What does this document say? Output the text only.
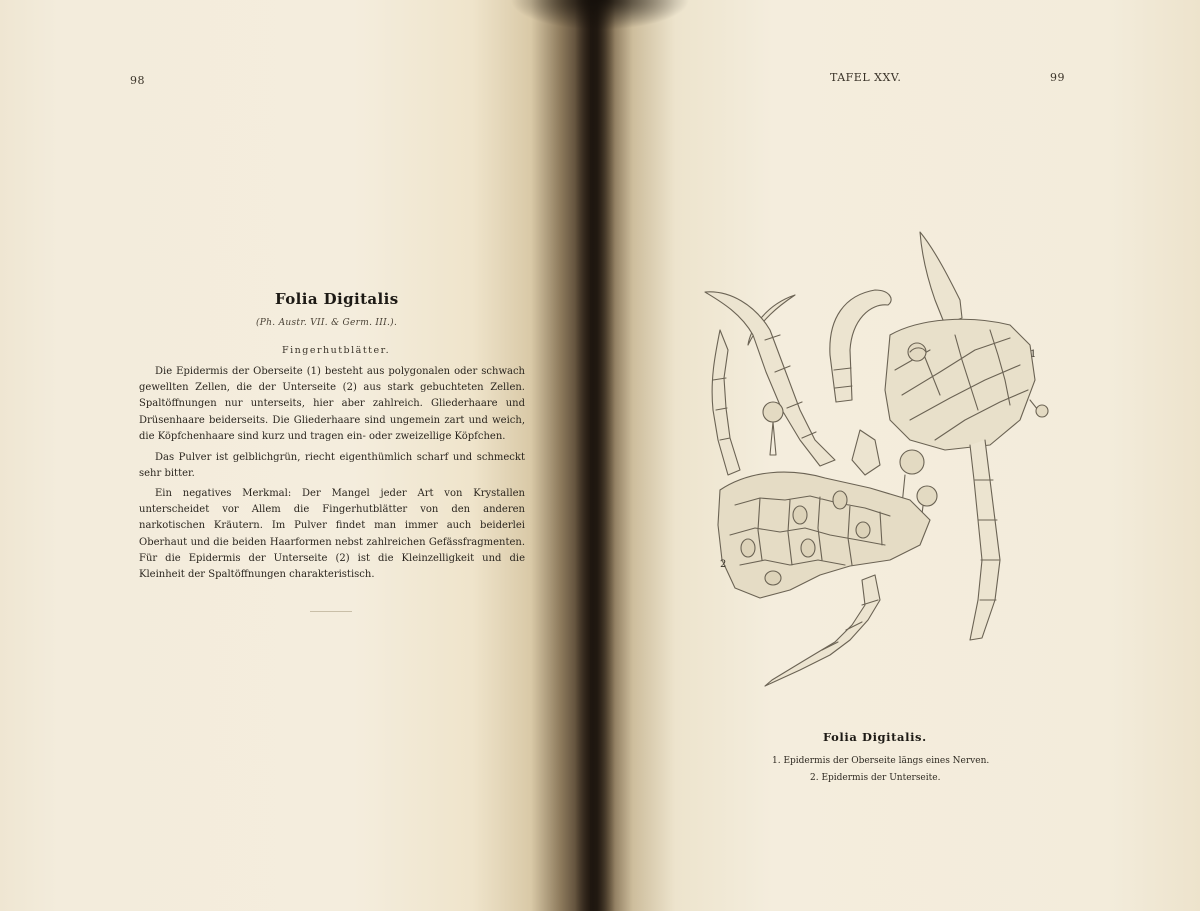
98
Folia Digitalis
(Ph. Austr. VII. & Germ. III.).
Fingerhutblätter.

Die Epidermis der Oberseite (1) besteht aus polygonalen oder schwach gewellten Zellen, die der Unterseite (2) aus stark gebuchteten Zellen. Spaltöffnungen nur unterseits, hier aber zahlreich. Gliederhaare und Drüsenhaare beiderseits. Die Gliederhaare sind ungemein zart und weich, die Köpfchenhaare sind kurz und tragen ein- oder zweizellige Köpfchen.

Das Pulver ist gelblichgrün, riecht eigenthümlich scharf und schmeckt sehr bitter.

Ein negatives Merkmal: Der Mangel jeder Art von Krystallen unterscheidet vor Allem die Fingerhutblätter von den anderen narkotischen Kräutern. Im Pulver findet man immer auch beiderlei Oberhaut und die beiden Haarformen nebst zahlreichen Gefässfragmenten. Für die Epidermis der Unterseite (2) ist die Kleinzelligkeit und die Kleinheit der Spaltöffnungen charakteristisch.

TAFEL XXV.	99
1
2
Folia Digitalis.
1. Epidermis der Oberseite längs eines Nerven.
2. Epidermis der Unterseite.
